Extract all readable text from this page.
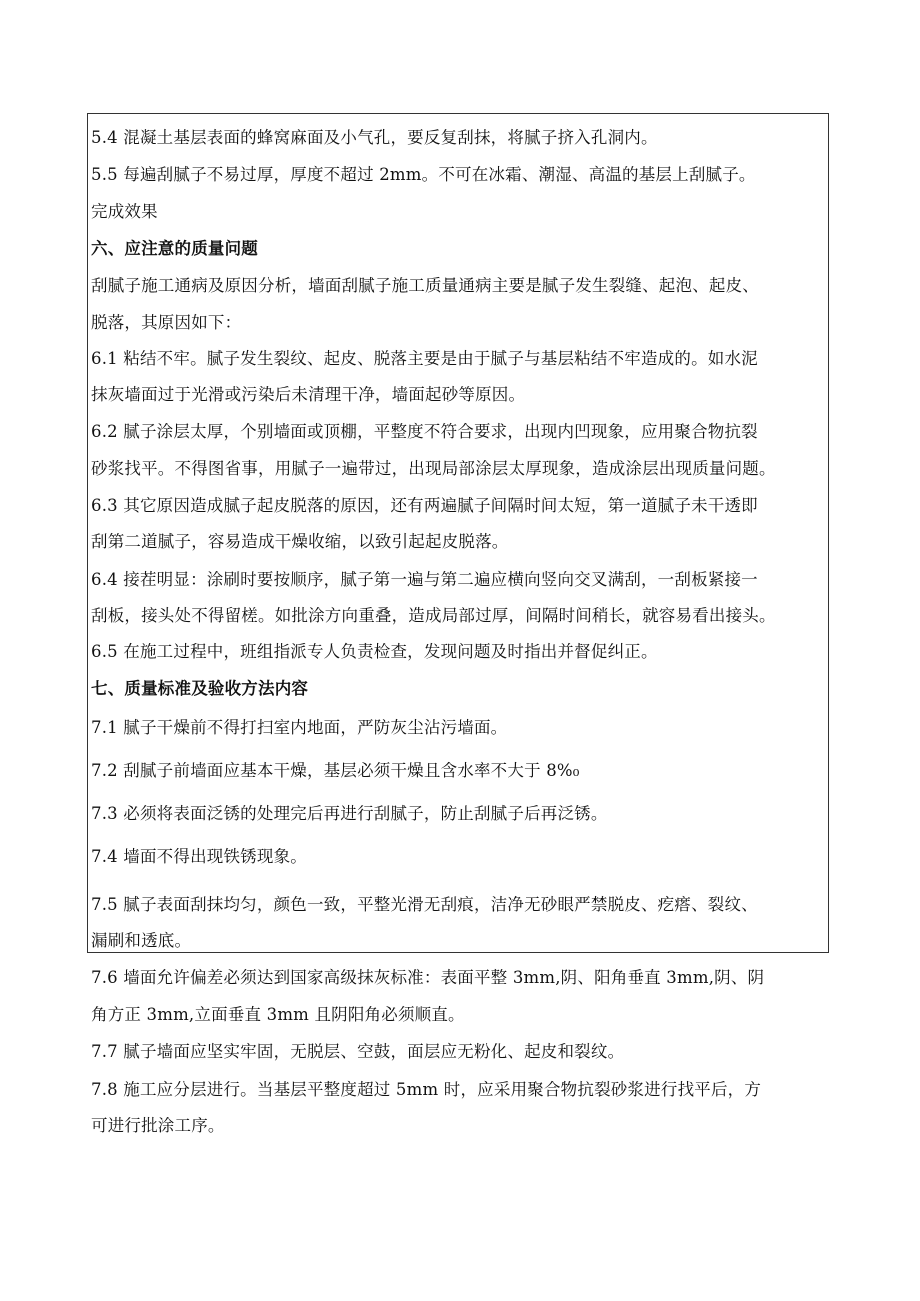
5.4 混凝土基层表面的蜂窝麻面及小气孔，要反复刮抹，将腻子挤入孔洞内。
5.5 每遍刮腻子不易过厚，厚度不超过 2mm。不可在冰霜、潮湿、高温的基层上刮腻子。
完成效果
六、应注意的质量问题
刮腻子施工通病及原因分析，墙面刮腻子施工质量通病主要是腻子发生裂缝、起泡、起皮、
脱落，其原因如下：
6.1 粘结不牢。腻子发生裂纹、起皮、脱落主要是由于腻子与基层粘结不牢造成的。如水泥
抹灰墙面过于光滑或污染后未清理干净，墙面起砂等原因。
6.2 腻子涂层太厚，个别墙面或顶棚，平整度不符合要求，出现内凹现象，应用聚合物抗裂
砂浆找平。不得图省事，用腻子一遍带过，出现局部涂层太厚现象，造成涂层出现质量问题。
6.3 其它原因造成腻子起皮脱落的原因，还有两遍腻子间隔时间太短，第一道腻子未干透即
刮第二道腻子，容易造成干燥收缩，以致引起起皮脱落。
6.4 接茬明显：涂刷时要按顺序，腻子第一遍与第二遍应横向竖向交叉满刮，一刮板紧接一
刮板，接头处不得留槎。如批涂方向重叠，造成局部过厚，间隔时间稍长，就容易看出接头。
6.5 在施工过程中，班组指派专人负责检查，发现问题及时指出并督促纠正。
七、质量标准及验收方法内容
7.1 腻子干燥前不得打扫室内地面，严防灰尘沾污墙面。
7.2 刮腻子前墙面应基本干燥，基层必须干燥且含水率不大于 8%₀
7.3 必须将表面泛锈的处理完后再进行刮腻子，防止刮腻子后再泛锈。
7.4 墙面不得出现铁锈现象。
7.5 腻子表面刮抹均匀，颜色一致，平整光滑无刮痕，洁净无砂眼严禁脱皮、疙瘩、裂纹、
漏刷和透底。
7.6 墙面允许偏差必须达到国家高级抹灰标准：表面平整 3mm,阴、阳角垂直 3mm,阴、阴
角方正 3mm,立面垂直 3mm 且阴阳角必须顺直。
7.7 腻子墙面应坚实牢固，无脱层、空鼓，面层应无粉化、起皮和裂纹。
7.8 施工应分层进行。当基层平整度超过 5mm 时，应采用聚合物抗裂砂浆进行找平后，方
可进行批涂工序。
